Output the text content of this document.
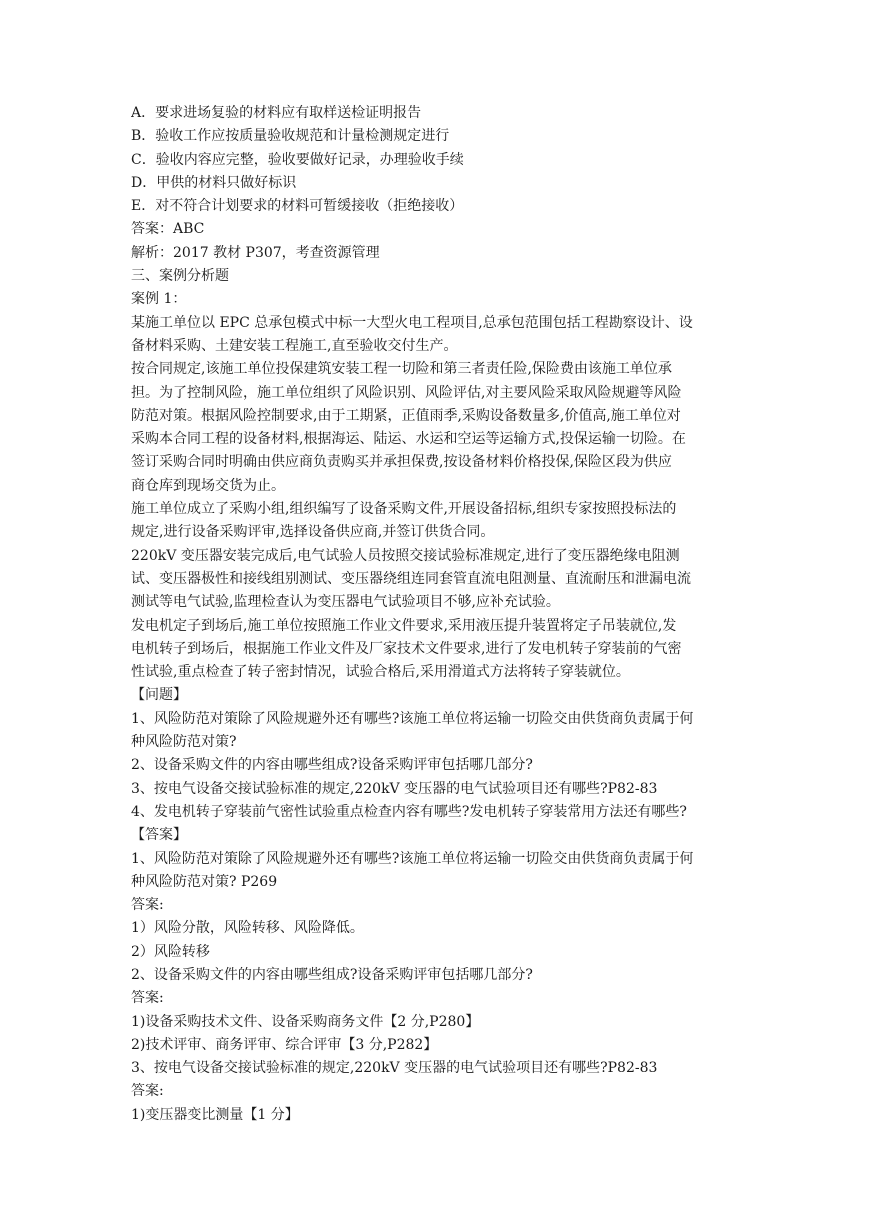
A．要求进场复验的材料应有取样送检证明报告
B．验收工作应按质量验收规范和计量检测规定进行
C．验收内容应完整，验收要做好记录，办理验收手续
D．甲供的材料只做好标识
E．对不符合计划要求的材料可暂缓接收（拒绝接收）
答案：ABC
解析：2017 教材 P307，考查资源管理
三、案例分析题
案例 1：
某施工单位以 EPC 总承包模式中标一大型火电工程项目,总承包范围包括工程勘察设计、设
备材料采购、土建安装工程施工,直至验收交付生产。
按合同规定,该施工单位投保建筑安装工程一切险和第三者责任险,保险费由该施工单位承
担。为了控制风险，施工单位组织了风险识别、风险评估,对主要风险采取风险规避等风险
防范对策。根据风险控制要求,由于工期紧，正值雨季,采购设备数量多,价值高,施工单位对
采购本合同工程的设备材料,根据海运、陆运、水运和空运等运输方式,投保运输一切险。在
签订采购合同时明确由供应商负责购买并承担保费,按设备材料价格投保,保险区段为供应
商仓库到现场交货为止。
施工单位成立了采购小组,组织编写了设备采购文件,开展设备招标,组织专家按照投标法的
规定,进行设备采购评审,选择设备供应商,并签订供货合同。
220kV 变压器安装完成后,电气试验人员按照交接试验标准规定,进行了变压器绝缘电阻测
试、变压器极性和接线组别测试、变压器绕组连同套管直流电阻测量、直流耐压和泄漏电流
测试等电气试验,监理检查认为变压器电气试验项目不够,应补充试验。
发电机定子到场后,施工单位按照施工作业文件要求,采用液压提升装置将定子吊装就位,发
电机转子到场后，根据施工作业文件及厂家技术文件要求,进行了发电机转子穿装前的气密
性试验,重点检查了转子密封情况，试验合格后,采用滑道式方法将转子穿装就位。
【问题】
1、风险防范对策除了风险规避外还有哪些?该施工单位将运输一切险交由供货商负责属于何
种风险防范对策?
2、设备采购文件的内容由哪些组成?设备采购评审包括哪几部分?
3、按电气设备交接试验标准的规定,220kV 变压器的电气试验项目还有哪些?P82-83
4、发电机转子穿装前气密性试验重点检查内容有哪些?发电机转子穿装常用方法还有哪些?
【答案】
1、风险防范对策除了风险规避外还有哪些?该施工单位将运输一切险交由供货商负责属于何
种风险防范对策? P269
答案:
1）风险分散，风险转移、风险降低。
2）风险转移
2、设备采购文件的内容由哪些组成?设备采购评审包括哪几部分?
答案:
1)设备采购技术文件、设备采购商务文件【2 分,P280】
2)技术评审、商务评审、综合评审【3 分,P282】
3、按电气设备交接试验标准的规定,220kV 变压器的电气试验项目还有哪些?P82-83
答案:
1)变压器变比测量【1 分】
